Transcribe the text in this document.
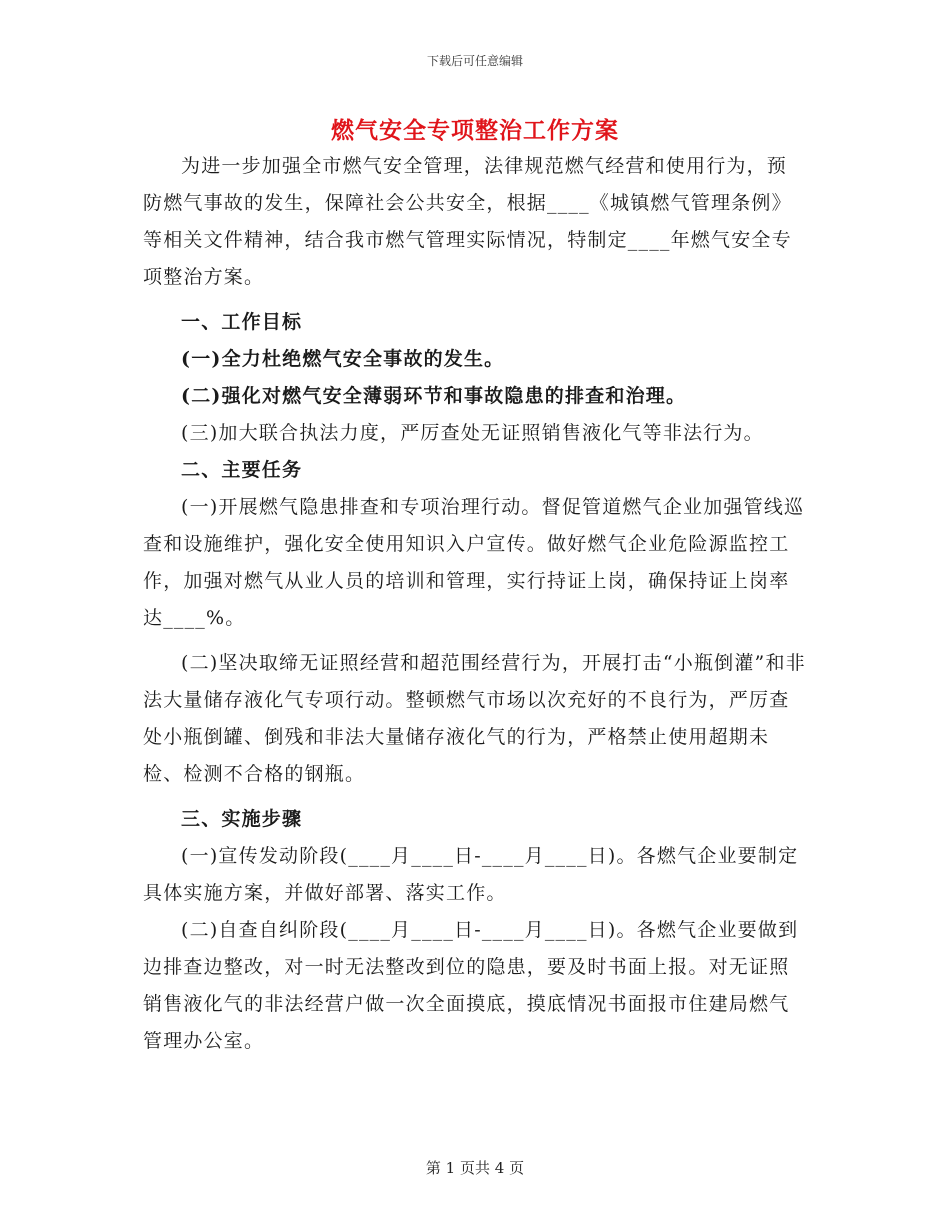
下载后可任意编辑
燃气安全专项整治工作方案

为进一步加强全市燃气安全管理，法律规范燃气经营和使用行为，预防燃气事故的发生，保障社会公共安全，根据____《城镇燃气管理条例》等相关文件精神，结合我市燃气管理实际情况，特制定____年燃气安全专项整治方案。

一、工作目标

(一)全力杜绝燃气安全事故的发生。

(二)强化对燃气安全薄弱环节和事故隐患的排查和治理。

(三)加大联合执法力度，严厉查处无证照销售液化气等非法行为。

二、主要任务

(一)开展燃气隐患排查和专项治理行动。督促管道燃气企业加强管线巡查和设施维护，强化安全使用知识入户宣传。做好燃气企业危险源监控工作，加强对燃气从业人员的培训和管理，实行持证上岗，确保持证上岗率达____%。

(二)坚决取缔无证照经营和超范围经营行为，开展打击“小瓶倒灌”和非法大量储存液化气专项行动。整顿燃气市场以次充好的不良行为，严厉查处小瓶倒罐、倒残和非法大量储存液化气的行为，严格禁止使用超期未检、检测不合格的钢瓶。

三、实施步骤

(一)宣传发动阶段(____月____日-____月____日)。各燃气企业要制定具体实施方案，并做好部署、落实工作。

(二)自查自纠阶段(____月____日-____月____日)。各燃气企业要做到边排查边整改，对一时无法整改到位的隐患，要及时书面上报。对无证照销售液化气的非法经营户做一次全面摸底，摸底情况书面报市住建局燃气管理办公室。

第 1 页共 4 页
